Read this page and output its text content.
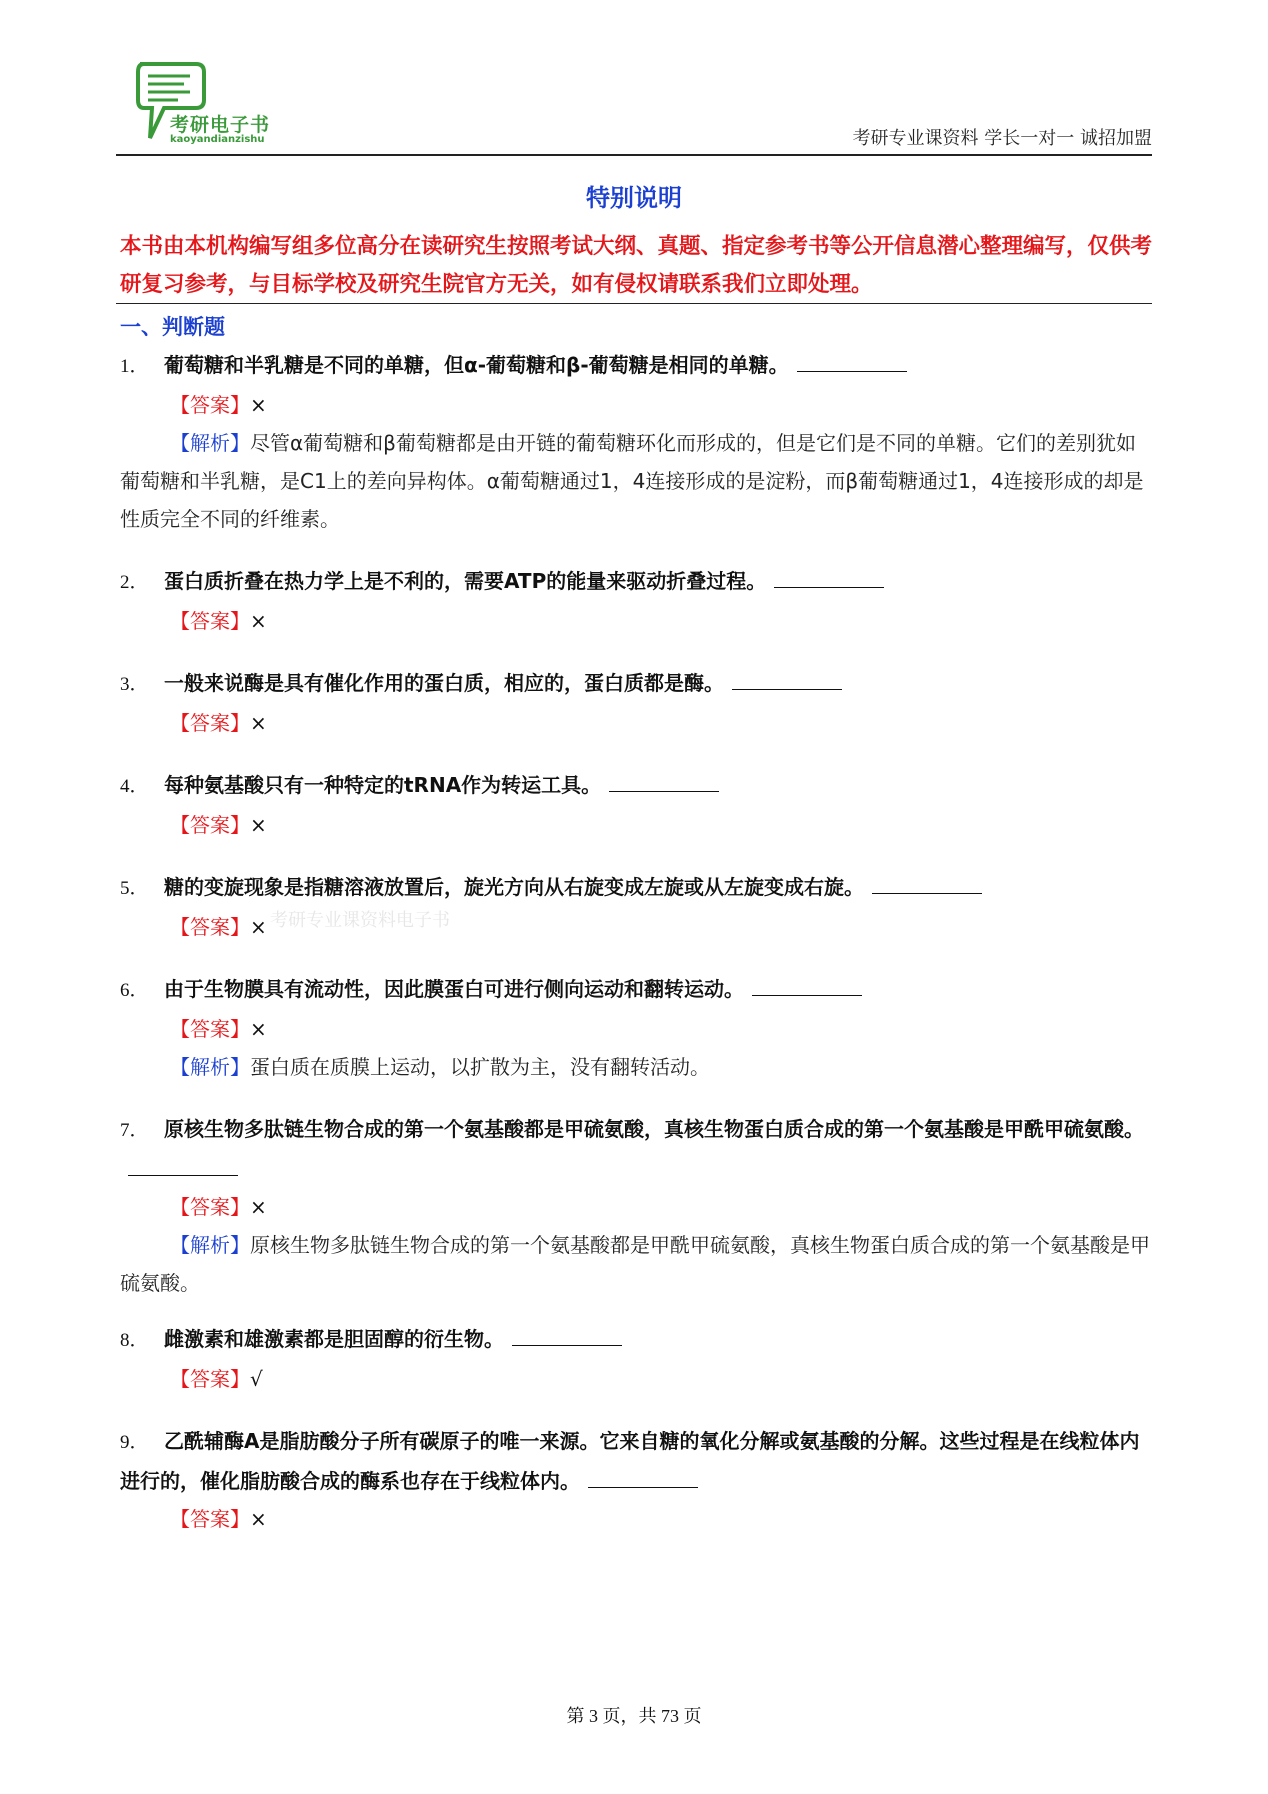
考研电子书
kaoyandianzishu	考研专业课资料 学长一对一 诚招加盟
特别说明
本书由本机构编写组多位高分在读研究生按照考试大纲、真题、指定参考书等公开信息潜心整理编写，仅供考研复习参考，与目标学校及研究生院官方无关，如有侵权请联系我们立即处理。
一、判断题
1． 葡萄糖和半乳糖是不同的单糖，但α-葡萄糖和β-葡萄糖是相同的单糖。
【答案】×
【解析】尽管α葡萄糖和β葡萄糖都是由开链的葡萄糖环化而形成的，但是它们是不同的单糖。它们的差别犹如葡萄糖和半乳糖，是C1上的差向异构体。α葡萄糖通过1，4连接形成的是淀粉，而β葡萄糖通过1，4连接形成的却是性质完全不同的纤维素。
2． 蛋白质折叠在热力学上是不利的，需要ATP的能量来驱动折叠过程。
【答案】×
3． 一般来说酶是具有催化作用的蛋白质，相应的，蛋白质都是酶。
【答案】×
4． 每种氨基酸只有一种特定的tRNA作为转运工具。
【答案】×
5． 糖的变旋现象是指糖溶液放置后，旋光方向从右旋变成左旋或从左旋变成右旋。
【答案】× 考研专业课资料电子书
6． 由于生物膜具有流动性，因此膜蛋白可进行侧向运动和翻转运动。
【答案】×
【解析】蛋白质在质膜上运动，以扩散为主，没有翻转活动。
7． 原核生物多肽链生物合成的第一个氨基酸都是甲硫氨酸，真核生物蛋白质合成的第一个氨基酸是甲酰甲硫氨酸。
【答案】×
【解析】原核生物多肽链生物合成的第一个氨基酸都是甲酰甲硫氨酸，真核生物蛋白质合成的第一个氨基酸是甲硫氨酸。
8． 雌激素和雄激素都是胆固醇的衍生物。
【答案】√
9． 乙酰辅酶A是脂肪酸分子所有碳原子的唯一来源。它来自糖的氧化分解或氨基酸的分解。这些过程是在线粒体内进行的，催化脂肪酸合成的酶系也存在于线粒体内。
【答案】×
第 3 页，共 73 页
